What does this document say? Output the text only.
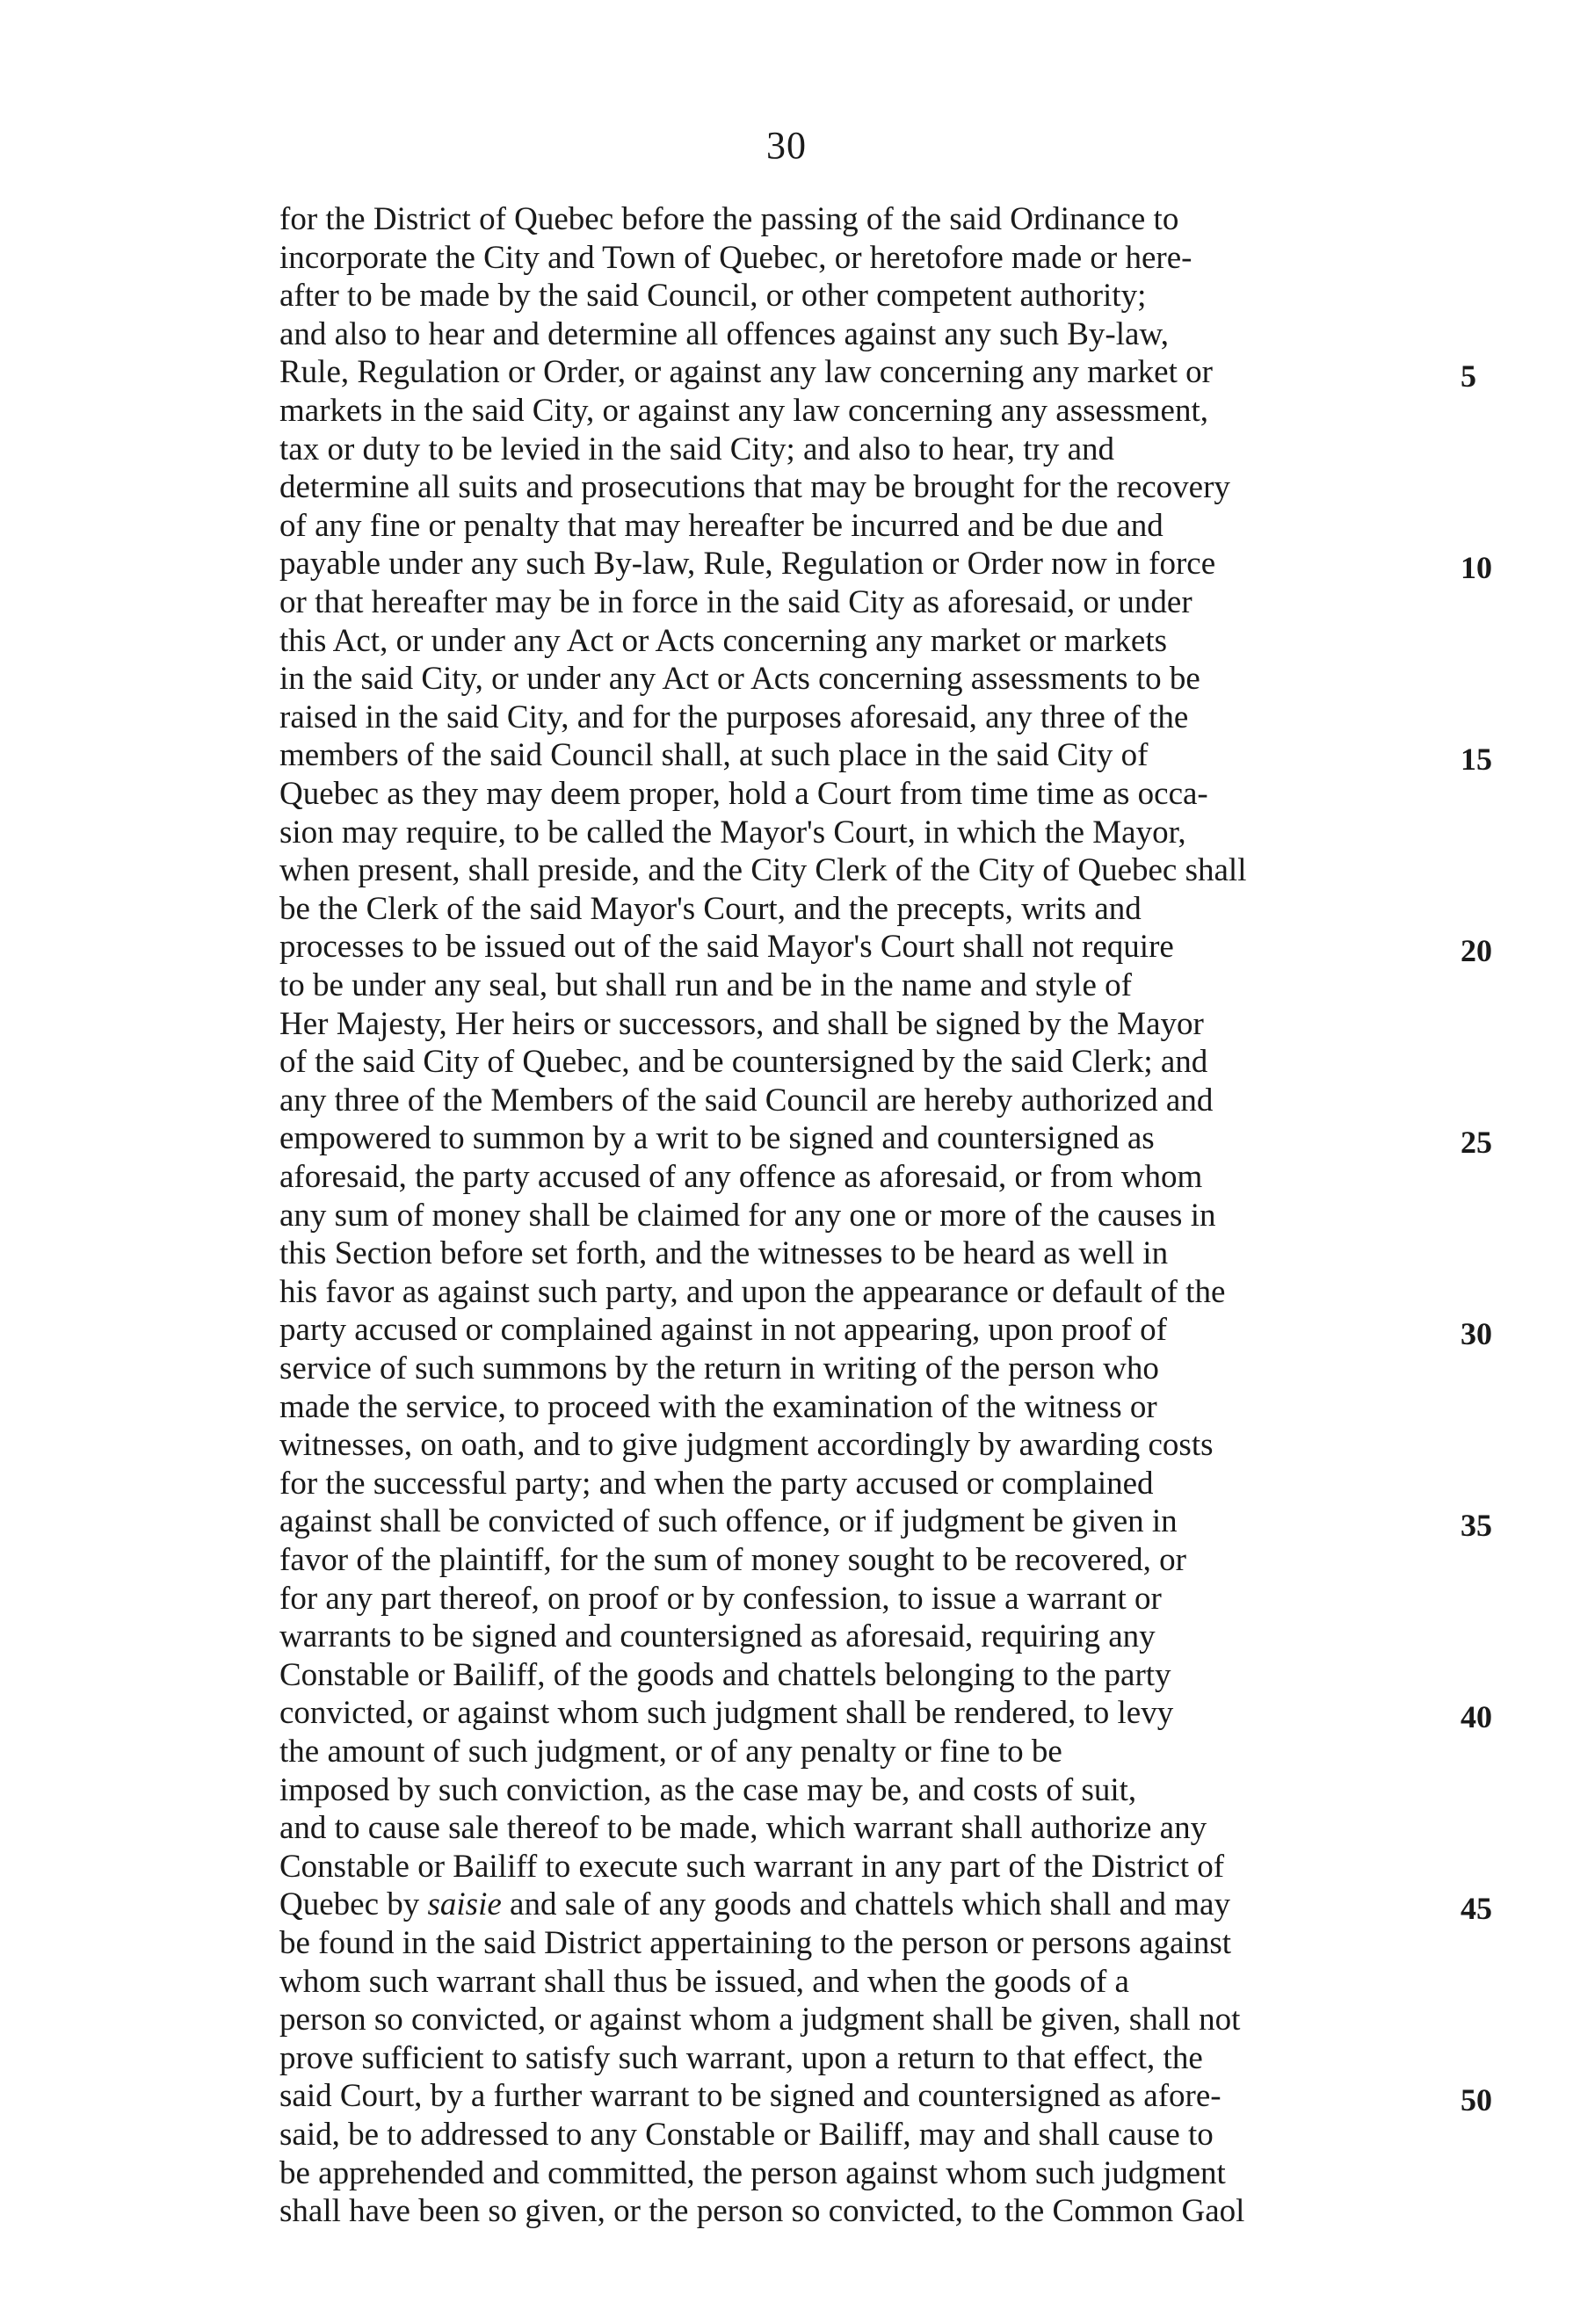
30
for the District of Quebec before the passing of the said Ordinance to
incorporate the City and Town of Quebec, or heretofore made or here-
after to be made by the said Council, or other competent authority;
and also to hear and determine all offences against any such By-law,
Rule, Regulation or Order, or against any law concerning any market or
markets in the said City, or against any law concerning any assessment,
tax or duty to be levied in the said City; and also to hear, try and
determine all suits and prosecutions that may be brought for the recovery
of any fine or penalty that may hereafter be incurred and be due and
payable under any such By-law, Rule, Regulation or Order now in force
or that hereafter may be in force in the said City as aforesaid, or under
this Act, or under any Act or Acts concerning any market or markets
in the said City, or under any Act or Acts concerning assessments to be
raised in the said City, and for the purposes aforesaid, any three of the
members of the said Council shall, at such place in the said City of
Quebec as they may deem proper, hold a Court from time time as occa-
sion may require, to be called the Mayor's Court, in which the Mayor,
when present, shall preside, and the City Clerk of the City of Quebec shall
be the Clerk of the said Mayor's Court, and the precepts, writs and
processes to be issued out of the said Mayor's Court shall not require
to be under any seal, but shall run and be in the name and style of
Her Majesty, Her heirs or successors, and shall be signed by the Mayor
of the said City of Quebec, and be countersigned by the said Clerk; and
any three of the Members of the said Council are hereby authorized and
empowered to summon by a writ to be signed and countersigned as
aforesaid, the party accused of any offence as aforesaid, or from whom
any sum of money shall be claimed for any one or more of the causes in
this Section before set forth, and the witnesses to be heard as well in
his favor as against such party, and upon the appearance or default of the
party accused or complained against in not appearing, upon proof of
service of such summons by the return in writing of the person who
made the service, to proceed with the examination of the witness or
witnesses, on oath, and to give judgment accordingly by awarding costs
for the successful party; and when the party accused or complained
against shall be convicted of such offence, or if judgment be given in
favor of the plaintiff, for the sum of money sought to be recovered, or
for any part thereof, on proof or by confession, to issue a warrant or
warrants to be signed and countersigned as aforesaid, requiring any
Constable or Bailiff, of the goods and chattels belonging to the party
convicted, or against whom such judgment shall be rendered, to levy
the amount of such judgment, or of any penalty or fine to be
imposed by such conviction, as the case may be, and costs of suit,
and to cause sale thereof to be made, which warrant shall authorize any
Constable or Bailiff to execute such warrant in any part of the District of
Quebec by saisie and sale of any goods and chattels which shall and may
be found in the said District appertaining to the person or persons against
whom such warrant shall thus be issued, and when the goods of a
person so convicted, or against whom a judgment shall be given, shall not
prove sufficient to satisfy such warrant, upon a return to that effect, the
said Court, by a further warrant to be signed and countersigned as afore-
said, be to addressed to any Constable or Bailiff, may and shall cause to
be apprehended and committed, the person against whom such judgment
shall have been so given, or the person so convicted, to the Common Gaol
5
10
15
20
25
30
35
40
45
50
